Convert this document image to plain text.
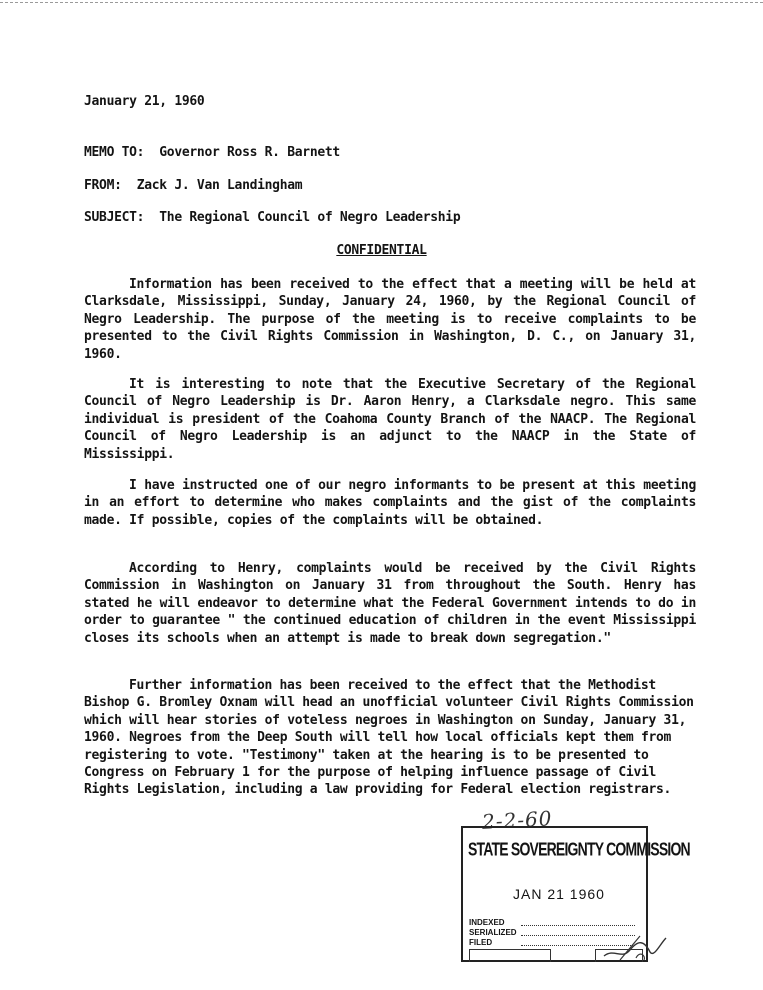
January 21, 1960
MEMO TO: Governor Ross R. Barnett
FROM: Zack J. Van Landingham
SUBJECT: The Regional Council of Negro Leadership
CONFIDENTIAL
Information has been received to the effect that a meeting will be held at Clarksdale, Mississippi, Sunday, January 24, 1960, by the Regional Council of Negro Leadership. The purpose of the meeting is to receive complaints to be presented to the Civil Rights Commission in Washington, D. C., on January 31, 1960.
It is interesting to note that the Executive Secretary of the Regional Council of Negro Leadership is Dr. Aaron Henry, a Clarksdale negro. This same individual is president of the Coahoma County Branch of the NAACP. The Regional Council of Negro Leadership is an adjunct to the NAACP in the State of Mississippi.
I have instructed one of our negro informants to be present at this meeting in an effort to determine who makes complaints and the gist of the complaints made. If possible, copies of the complaints will be obtained.
According to Henry, complaints would be received by the Civil Rights Commission in Washington on January 31 from throughout the South. Henry has stated he will endeavor to determine what the Federal Government intends to do in order to guarantee " the continued education of children in the event Mississippi closes its schools when an attempt is made to break down segregation."
Further information has been received to the effect that the Methodist Bishop G. Bromley Oxnam will head an unofficial volunteer Civil Rights Commission which will hear stories of voteless negroes in Washington on Sunday, January 31, 1960. Negroes from the Deep South will tell how local officials kept them from registering to vote. "Testimony" taken at the hearing is to be presented to Congress on February 1 for the purpose of helping influence passage of Civil Rights Legislation, including a law providing for Federal election registrars.
2-2-60
STATE SOVEREIGNTY COMMISSION
JAN 21 1960
INDEXED
SERIALIZED
FILED
